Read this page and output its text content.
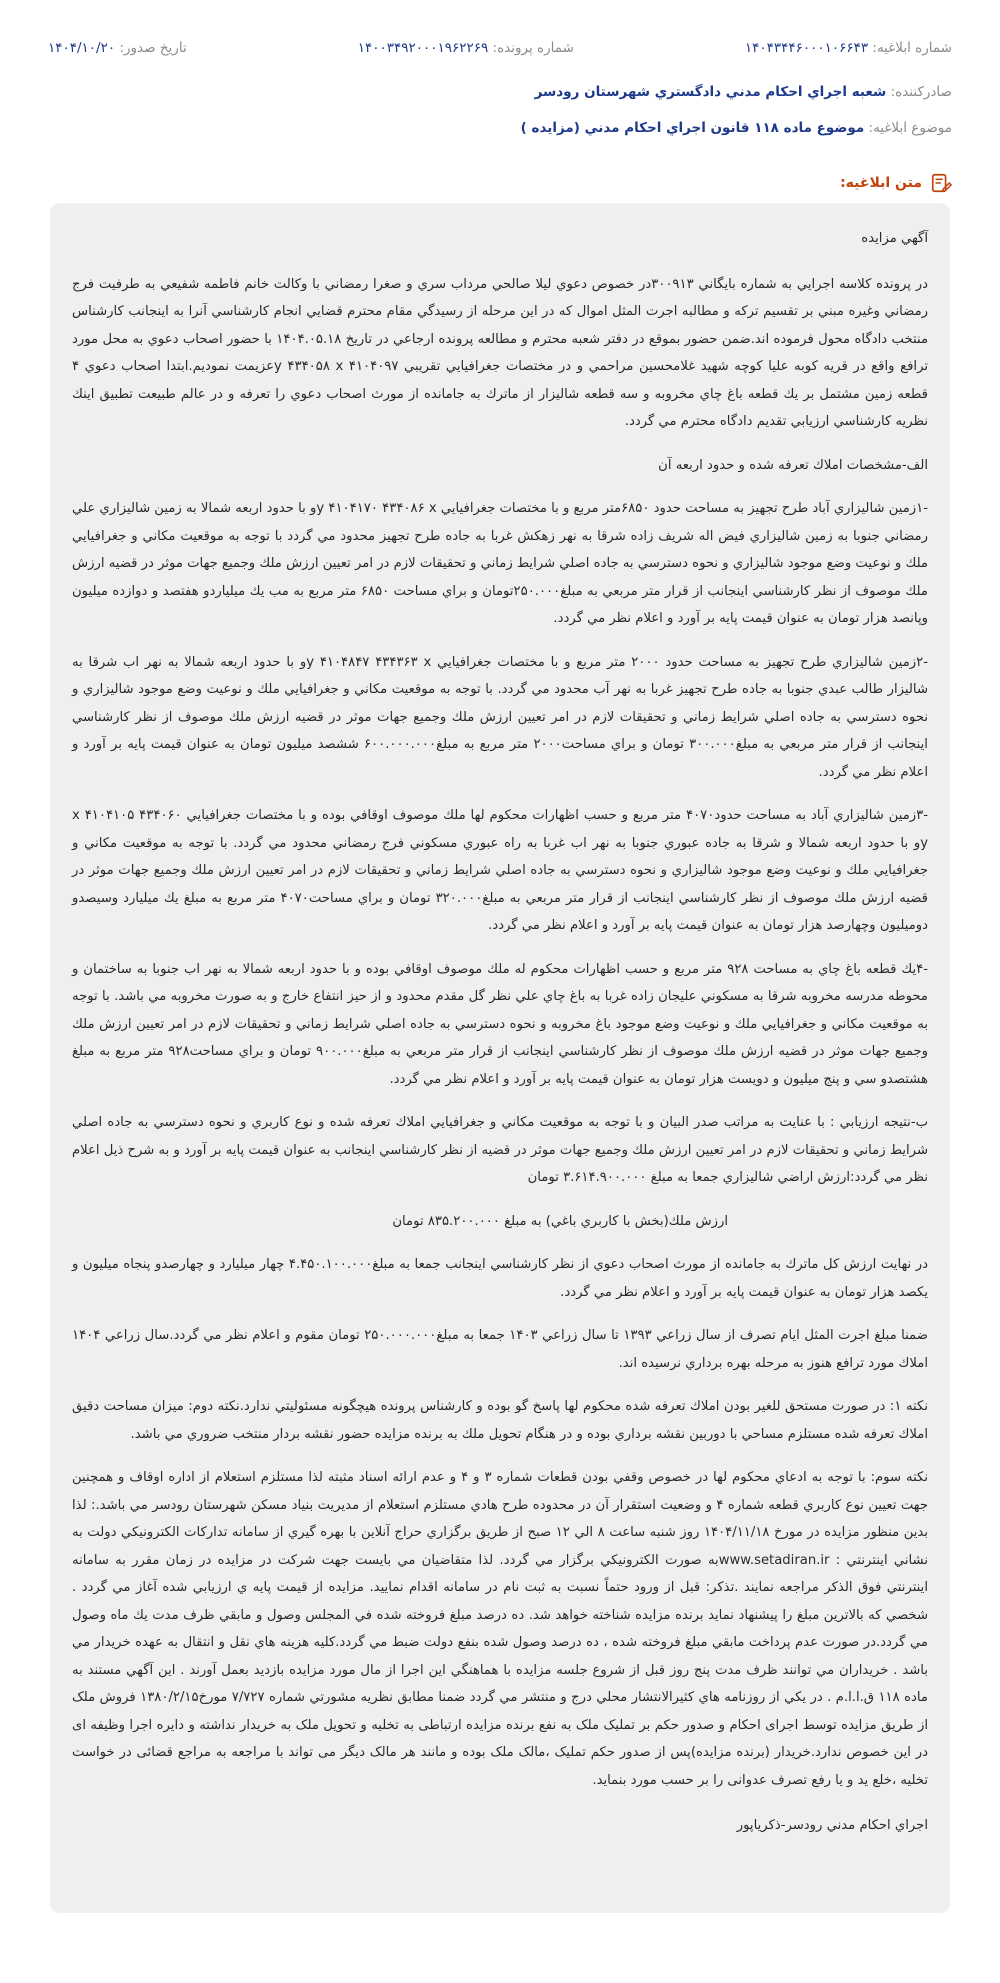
شماره ابلاغيه: ۱۴۰۴۳۴۴۶۰۰۰۱۰۶۶۴۳
شماره پرونده: ۱۴۰۰۳۴۹۲۰۰۰۱۹۶۲۲۶۹
تاريخ صدور: ۱۴۰۴/۱۰/۲۰
صادرکننده: شعبه اجراي احكام مدني دادگستري شهرستان رودسر
موضوع ابلاغيه: موضوع ماده ۱۱۸ قانون اجراي احكام مدني (مزايده )
متن ابلاغيه:

آگهي مزايده

در پرونده كلاسه اجرايي به شماره بايگاني ۳۰۰۹۱۳در خصوص دعوي ليلا صالحي مرداب سري و صغرا رمضاني با وكالت خانم فاطمه شفيعي به طرفيت فرج رمضاني وغيره مبني بر تقسيم تركه و مطالبه اجرت المثل اموال كه در اين مرحله از رسيدگي مقام محترم قضايي انجام كارشناسي آنرا به اينجانب كارشناس منتخب دادگاه محول فرموده اند.ضمن حضور بموقع در دفتر شعبه محترم و مطالعه پرونده ارجاعي در تاريخ ۱۴۰۴.۰۵.۱۸ با حضور اصحاب دعوي به محل مورد ترافع واقع در قريه كوبه عليا كوچه شهيد غلامحسين مراحمي و در مختصات جغرافيايي تقريبي y ۴۳۴۰۵۸ x ۴۱۰۴۰۹۷عزيمت نموديم.ابتدا اصحاب دعوي ۴ قطعه زمين مشتمل بر يك قطعه باغ چاي مخروبه و سه قطعه شاليزار از ماترك به جامانده از مورث اصحاب دعوي را تعرفه و در عالم طبيعت تطبيق اينك نظريه كارشناسي ارزيابي تقديم دادگاه محترم مي گردد.

الف-مشخصات املاك تعرفه شده و حدود اربعه آن

-۱زمين شاليزاري آباد طرح تجهيز به مساحت حدود ۶۸۵۰متر مربع و با مختصات جغرافيايي y ۴۱۰۴۱۷۰ ۴۳۴۰۸۶ xو با حدود اربعه شمالا به زمين شاليزاري علي رمضاني جنوبا به زمين شاليزاري فيض اله شريف زاده شرقا به نهر زهكش غربا به جاده طرح تجهيز محدود مي گردد با توجه به موقعيت مكاني و جغرافيايي ملك و نوعيت وضع موجود شاليزاري و نحوه دسترسي به جاده اصلي شرايط زماني و تحقيقات لازم در امر تعيين ارزش ملك وجميع جهات موثر در قضيه ارزش ملك موصوف از نظر كارشناسي اينجانب از قرار متر مربعي به مبلغ۲۵۰.۰۰۰تومان و براي مساحت ۶۸۵۰ متر مربع به مب يك ميلياردو هفتصد و دوازده ميليون وپانصد هزار تومان به عنوان قيمت پايه بر آورد و اعلام نظر مي گردد.

-۲زمين شاليزاري طرح تجهيز به مساحت حدود ۲۰۰۰ متر مربع و با مختصات جغرافيايي y ۴۱۰۴۸۴۷ ۴۳۴۳۶۳ xو با حدود اربعه شمالا به نهر اب شرقا به شاليزار طالب عبدي جنوبا به جاده طرح تجهيز غربا به نهر آب محدود مي گردد. با توجه به موقعيت مكاني و جغرافيايي ملك و نوعيت وضع موجود شاليزاري و نحوه دسترسي به جاده اصلي شرايط زماني و تحقيقات لازم در امر تعيين ارزش ملك وجميع جهات موثر در قضيه ارزش ملك موصوف از نظر كارشناسي اينجانب از قرار متر مربعي به مبلغ۳۰۰.۰۰۰ تومان و براي مساحت۲۰۰۰ متر مربع به مبلغ۶۰۰.۰۰۰.۰۰۰ ششصد ميليون تومان به عنوان قيمت پايه بر آورد و اعلام نظر مي گردد.

-۳زمين شاليزاري آباد به مساحت حدود۴۰۷۰ متر مربع و حسب اظهارات محكوم لها ملك موصوف اوقافي بوده و با مختصات جغرافيايي ۴۳۴۰۶۰ x ۴۱۰۴۱۰۵ yو با حدود اربعه شمالا و شرقا به جاده عبوري جنوبا به نهر اب غربا به راه عبوري مسكوني فرج رمضاني محدود مي گردد. با توجه به موقعيت مكاني و جغرافيايي ملك و نوعيت وضع موجود شاليزاري و نحوه دسترسي به جاده اصلي شرايط زماني و تحقيقات لازم در امر تعيين ارزش ملك وجميع جهات موثر در قضيه ارزش ملك موصوف از نظر كارشناسي اينجانب از قرار متر مربعي به مبلغ۳۲۰.۰۰۰ تومان و براي مساحت۴۰۷۰ متر مربع به مبلغ يك ميليارد وسيصدو دوميليون وچهارصد هزار تومان به عنوان قيمت پايه بر آورد و اعلام نظر مي گردد.

-۴يك قطعه باغ چاي به مساحت ۹۲۸ متر مربع و حسب اظهارات محكوم له ملك موصوف اوقافي بوده و با حدود اربعه شمالا به نهر اب جنوبا به ساختمان و محوطه مدرسه مخروبه شرقا به مسكوني عليجان زاده غربا به باغ چاي علي نظر گل مقدم محدود و از حيز انتفاع خارج و به صورت مخروبه مي باشد. با توجه به موقعيت مكاني و جغرافيايي ملك و نوعيت وضع موجود باغ مخروبه و نحوه دسترسي به جاده اصلي شرايط زماني و تحقيقات لازم در امر تعيين ارزش ملك وجميع جهات موثر در قضيه ارزش ملك موصوف از نظر كارشناسي اينجانب از قرار متر مربعي به مبلغ۹۰۰.۰۰۰ تومان و براي مساحت۹۲۸ متر مربع به مبلغ هشتصدو سي و پنج ميليون و دويست هزار تومان به عنوان قيمت پايه بر آورد و اعلام نظر مي گردد.

ب-نتيجه ارزيابي : با عنايت به مراتب صدر البيان و با توجه به موقعيت مكاني و جغرافيايي املاك تعرفه شده و نوع كاربري و نحوه دسترسي به جاده اصلي شرايط زماني و تحقيقات لازم در امر تعيين ارزش ملك وجميع جهات موثر در قضيه از نظر كارشناسي اينجانب به عنوان قيمت پايه بر آورد و به شرح ذيل اعلام نظر مي گردد:ارزش اراضي شاليزاري جمعا به مبلغ ۳.۶۱۴.۹۰۰.۰۰۰ تومان

ارزش ملك(بخش با كاربري باغي) به مبلغ ۸۳۵.۲۰۰.۰۰۰ تومان

در نهايت ارزش كل ماترك به جامانده از مورث اصحاب دعوي از نظر كارشناسي اينجانب جمعا به مبلغ۴.۴۵۰.۱۰۰.۰۰۰ چهار ميليارد و چهارصدو پنجاه ميليون و يكصد هزار تومان به عنوان قيمت پايه بر آورد و اعلام نظر مي گردد.

ضمنا مبلغ اجرت المثل ايام تصرف از سال زراعي ۱۳۹۳ تا سال زراعي ۱۴۰۳ جمعا به مبلغ۲۵۰.۰۰۰.۰۰۰ تومان مقوم و اعلام نظر مي گردد.سال زراعي ۱۴۰۴ املاك مورد ترافع هنوز به مرحله بهره برداري نرسيده اند.

نكته ۱: در صورت مستحق للغير بودن املاك تعرفه شده محكوم لها پاسخ گو بوده و كارشناس پرونده هيچگونه مسئوليتي ندارد.نكته دوم: ميزان مساحت دقيق املاك تعرفه شده مستلزم مساحي با دوربين نقشه برداري بوده و در هنگام تحويل ملك به برنده مزايده حضور نقشه بردار منتخب ضروري مي باشد.

نكته سوم: با توجه به ادعاي محكوم لها در خصوص وقفي بودن قطعات شماره ۳ و ۴ و عدم ارائه اسناد مثبته لذا مستلزم استعلام از اداره اوقاف و همچنين جهت تعيين نوع كاربري قطعه شماره ۴ و وضعيت استقرار آن در محدوده طرح هادي مستلزم استعلام از مديريت بنياد مسكن شهرستان رودسر مي باشد.: لذا بدين منظور مزايده در مورخ ۱۴۰۴/۱۱/۱۸ روز شنبه ساعت ۸ الي ۱۲ صبح از طريق برگزاري حراج آنلاين با بهره گيري از سامانه تداركات الكترونيكي دولت به نشاني اينترنتي : www.setadiran.irبه صورت الكترونيكي برگزار مي گردد. لذا متقاضيان مي بايست جهت شركت در مزايده در زمان مقرر به سامانه اينترنتي فوق الذكر مراجعه نمايند .تذكر: قبل از ورود حتماً نسبت به ثبت نام در سامانه اقدام نماييد. مزايده از قيمت پايه ي ارزيابي شده آغاز مي گردد . شخصي كه بالاترين مبلغ را پيشنهاد نمايد برنده مزايده شناخته خواهد شد. ده درصد مبلغ فروخته شده في المجلس وصول و مابقي ظرف مدت يك ماه وصول مي گردد.در صورت عدم پرداخت مابقي مبلغ فروخته شده ، ده درصد وصول شده بنفع دولت ضبط مي گردد.كليه هزينه هاي نقل و انتقال به عهده خريدار مي باشد . خريداران مي توانند ظرف مدت پنج روز قبل از شروع جلسه مزايده با هماهنگي اين اجرا از مال مورد مزايده بازديد بعمل آورند . اين آگهي مستند به ماده ۱۱۸ ق.ا.ا.م . در يكي از روزنامه هاي كثيرالانتشار محلي درج و منتشر مي گردد ضمنا مطابق نظريه مشورتي شماره ۷/۷۲۷ مورخ۱۳۸۰/۲/۱۵ فروش ملک از طريق مزايده توسط اجرای احکام و صدور حکم بر تمليک ملک به نفع برنده مزايده ارتباطی به تخليه و تحويل ملک به خريدار نداشته و دايره اجرا وظيفه ای در اين خصوص ندارد.خريدار (برنده مزايده)پس از صدور حکم تمليک ،مالک ملک بوده و مانند هر مالک ديگر می تواند با مراجعه به مراجع قضائی در خواست تخليه ،خلع يد و يا رفع تصرف عدوانی را بر حسب مورد بنمايد.

اجراي احكام مدني رودسر-ذكرياپور
